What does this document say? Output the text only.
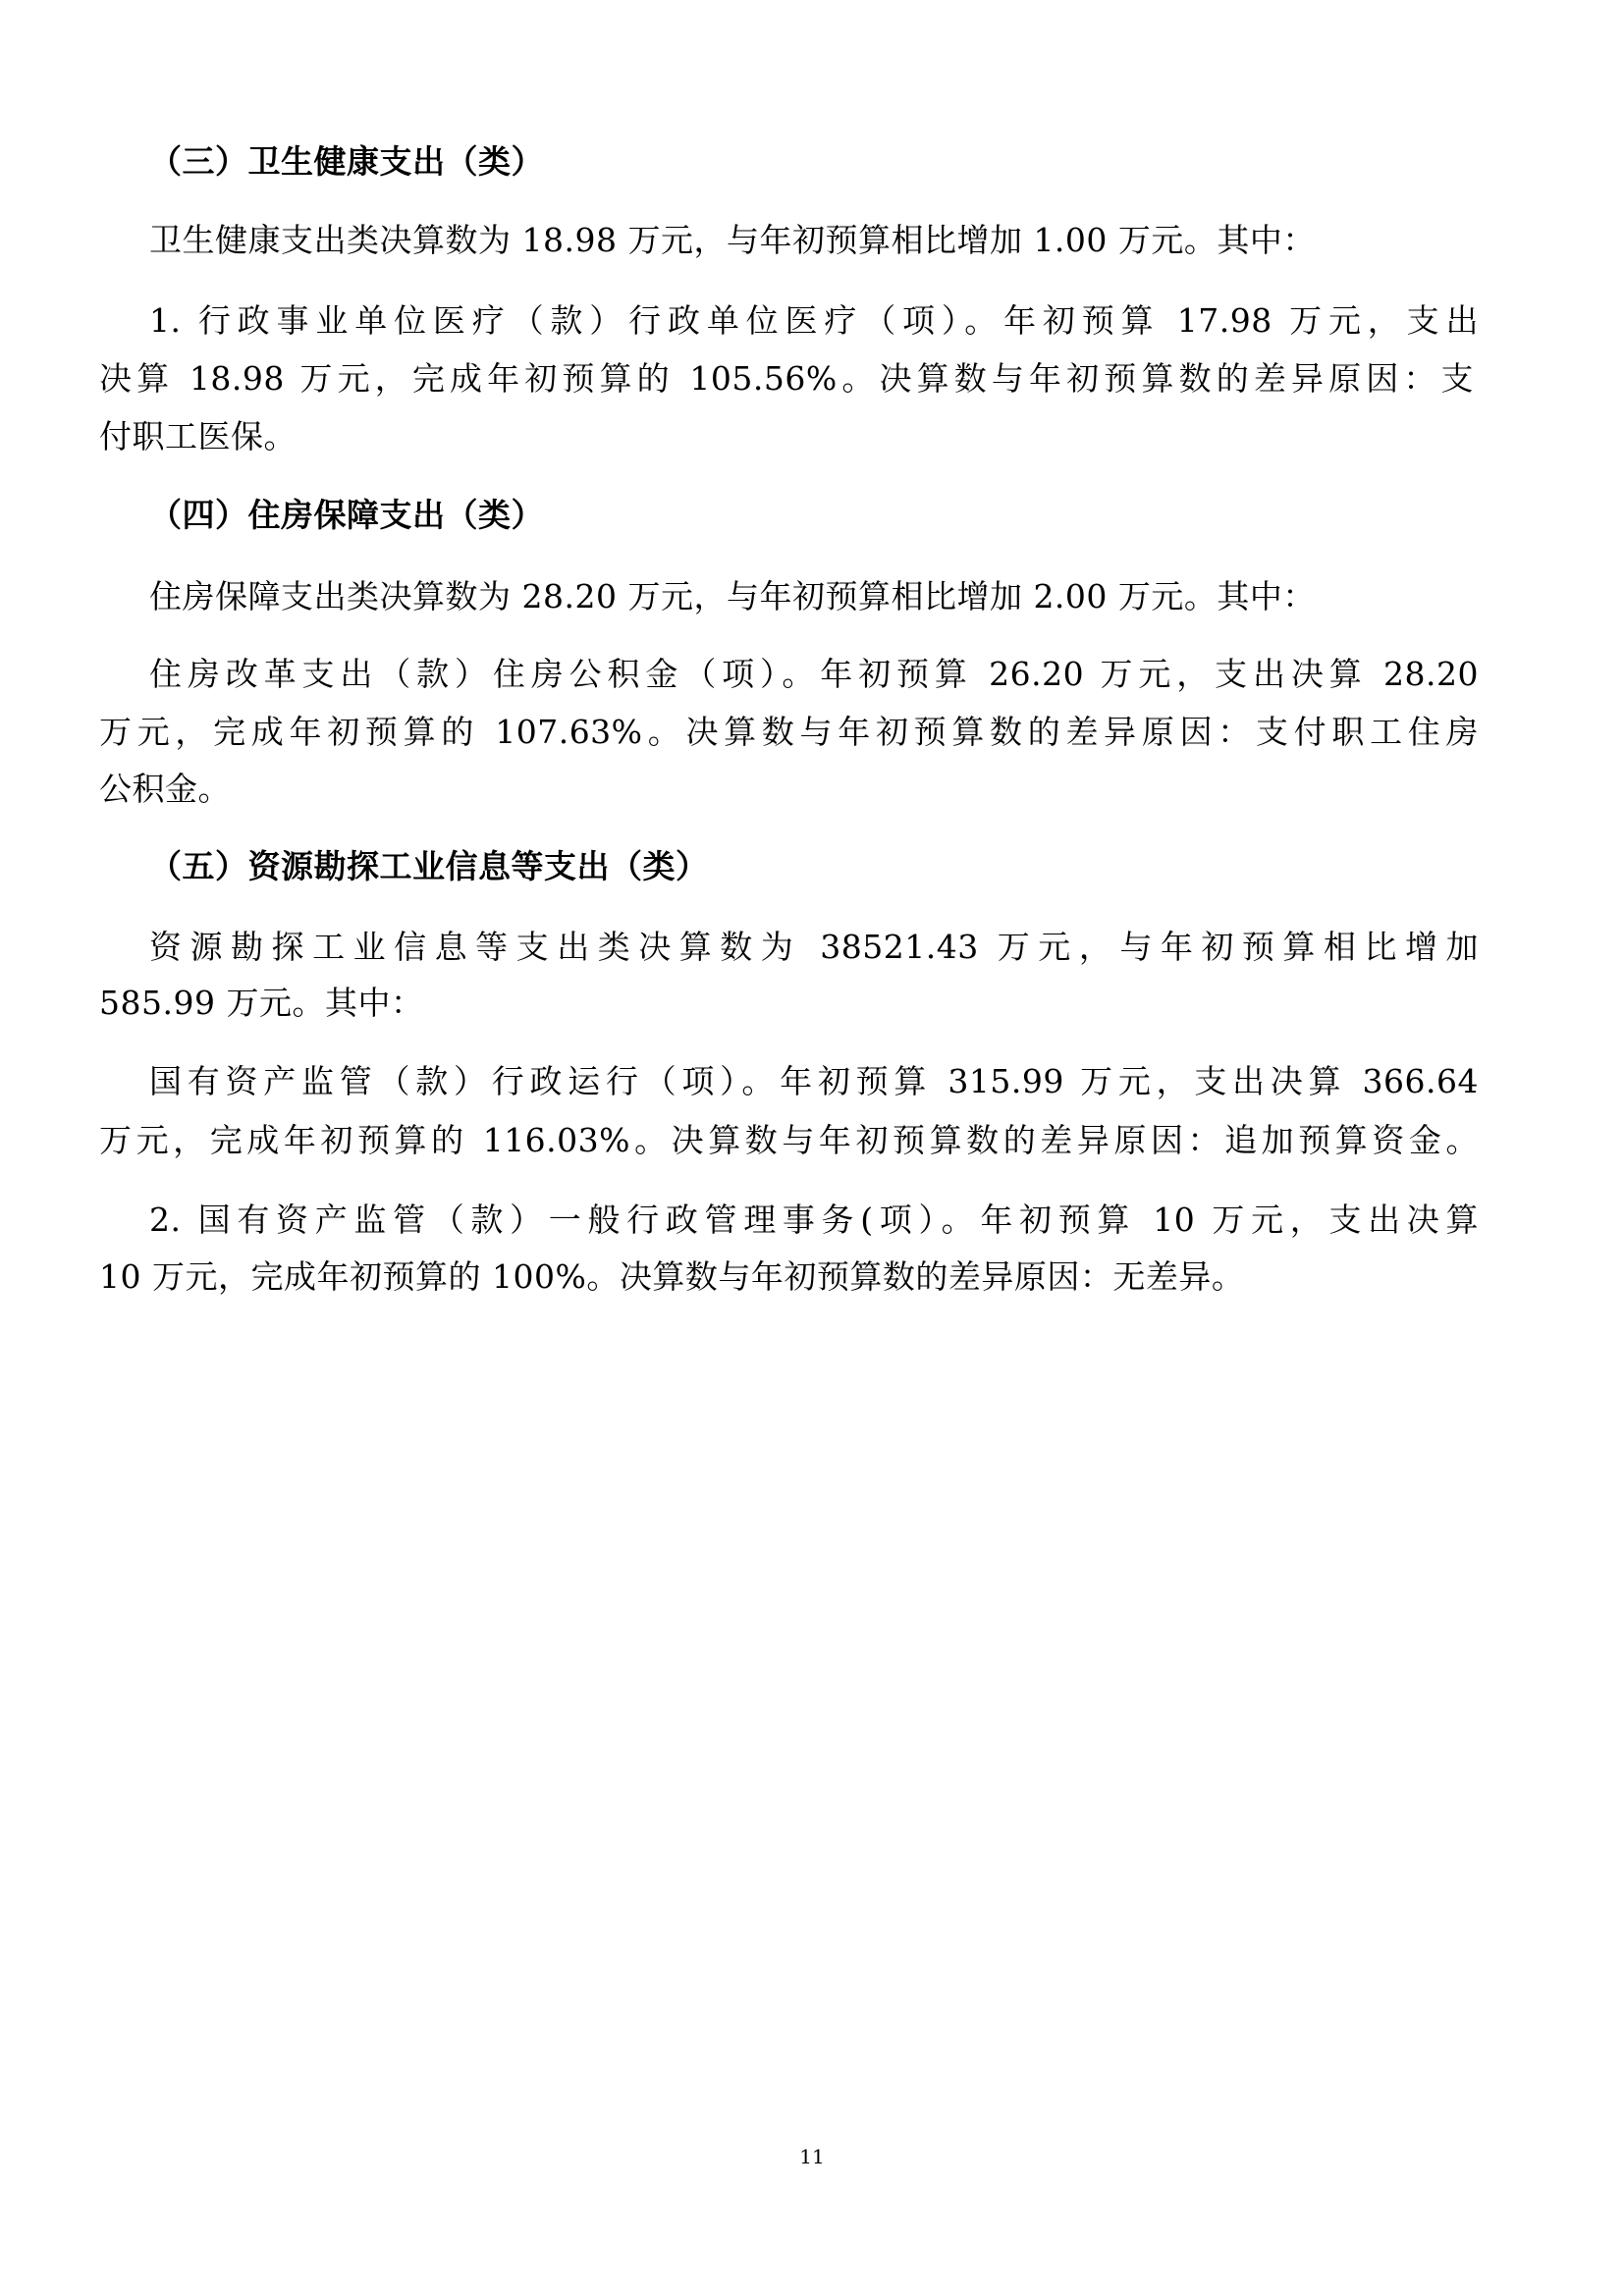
（三）卫生健康支出（类）
卫生健康支出类决算数为 18.98 万元，与年初预算相比增加 1.00 万元。其中：
1. 行政事业单位医疗（款）行政单位医疗（项）。年初预算 17.98 万元，支出
决算 18.98 万元，完成年初预算的 105.56%。决算数与年初预算数的差异原因：支
付职工医保。
（四）住房保障支出（类）
住房保障支出类决算数为 28.20 万元，与年初预算相比增加 2.00 万元。其中：
住房改革支出（款）住房公积金（项）。年初预算 26.20 万元，支出决算 28.20
万元，完成年初预算的 107.63%。决算数与年初预算数的差异原因：支付职工住房
公积金。
（五）资源勘探工业信息等支出（类）
资源勘探工业信息等支出类决算数为 38521.43 万元，与年初预算相比增加
585.99 万元。其中：
国有资产监管（款）行政运行（项）。年初预算 315.99 万元，支出决算 366.64
万元，完成年初预算的 116.03%。决算数与年初预算数的差异原因：追加预算资金。
2. 国有资产监管（款）一般行政管理事务(项）。年初预算 10 万元，支出决算
10 万元，完成年初预算的 100%。决算数与年初预算数的差异原因：无差异。
11
